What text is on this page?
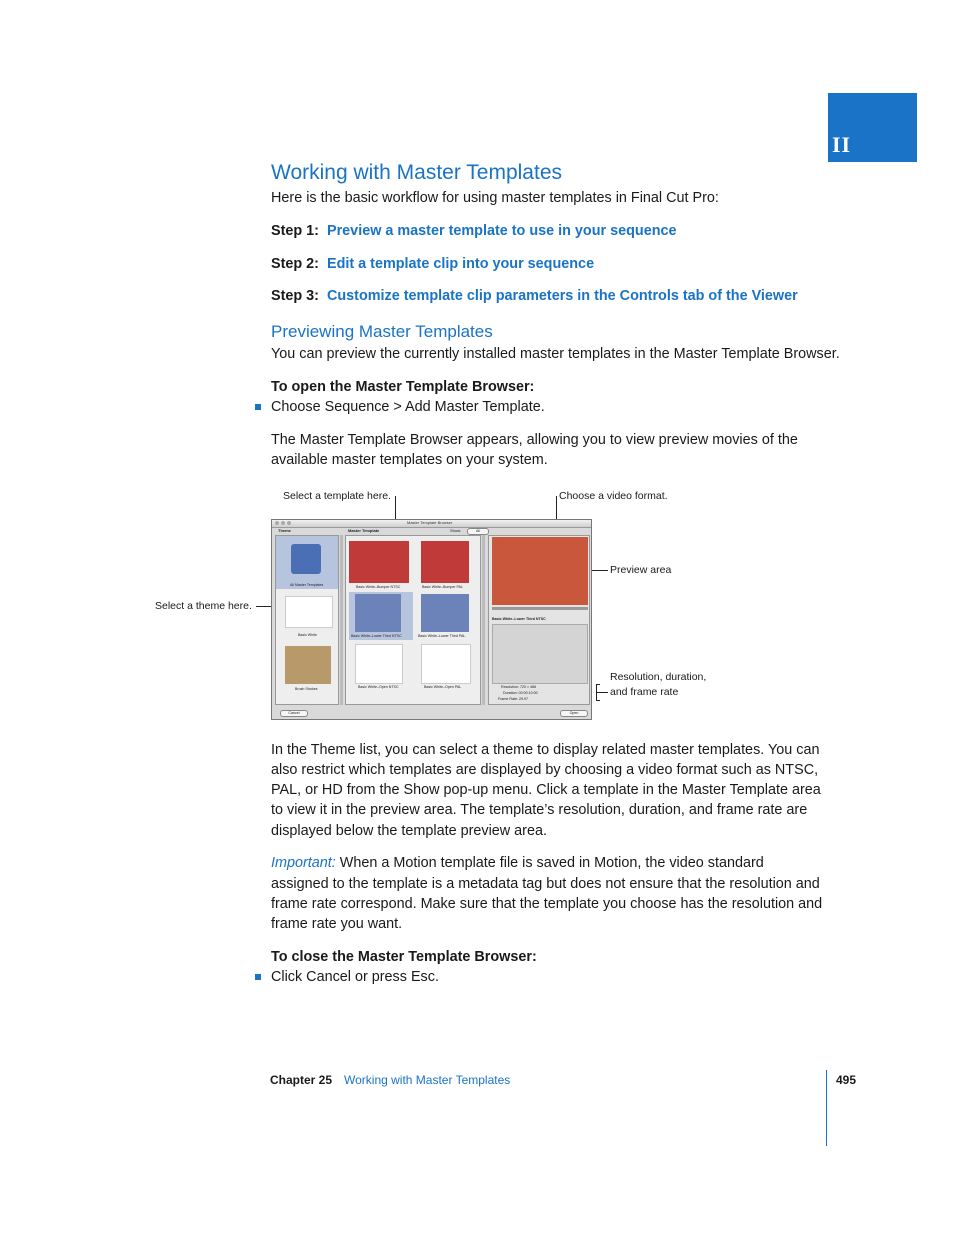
II
Working with Master Templates
Here is the basic workflow for using master templates in Final Cut Pro:
Step 1: Preview a master template to use in your sequence
Step 2: Edit a template clip into your sequence
Step 3: Customize template clip parameters in the Controls tab of the Viewer
Previewing Master Templates
You can preview the currently installed master templates in the Master Template Browser.
To open the Master Template Browser:
Choose Sequence > Add Master Template.
The Master Template Browser appears, allowing you to view preview movies of the
available master templates on your system.
Select a template here.	Choose a video format.
Preview area
Select a theme here.
Resolution, duration,
and frame rate
Master Template Browser
Theme	Master Template	Show:	All
All Master Templates
Basic White
Brush Strokes
Basic White–Bumper NTSC	Basic White–Bumper PAL
Basic White–Lower Third NTSC	Basic White–Lower Third PAL
Basic White–Open NTSC	Basic White–Open PAL
Basic White–Lower Third NTSC
Resolution: 720 × 486
Duration: 00:00:10:00
Frame Rate: 29.97
Cancel	Open
In the Theme list, you can select a theme to display related master templates. You can
also restrict which templates are displayed by choosing a video format such as NTSC,
PAL, or HD from the Show pop-up menu. Click a template in the Master Template area
to view it in the preview area. The template’s resolution, duration, and frame rate are
displayed below the template preview area.
Important: When a Motion template file is saved in Motion, the video standard
assigned to the template is a metadata tag but does not ensure that the resolution and
frame rate correspond. Make sure that the template you choose has the resolution and
frame rate you want.
To close the Master Template Browser:
Click Cancel or press Esc.
Chapter 25 Working with Master Templates	495
